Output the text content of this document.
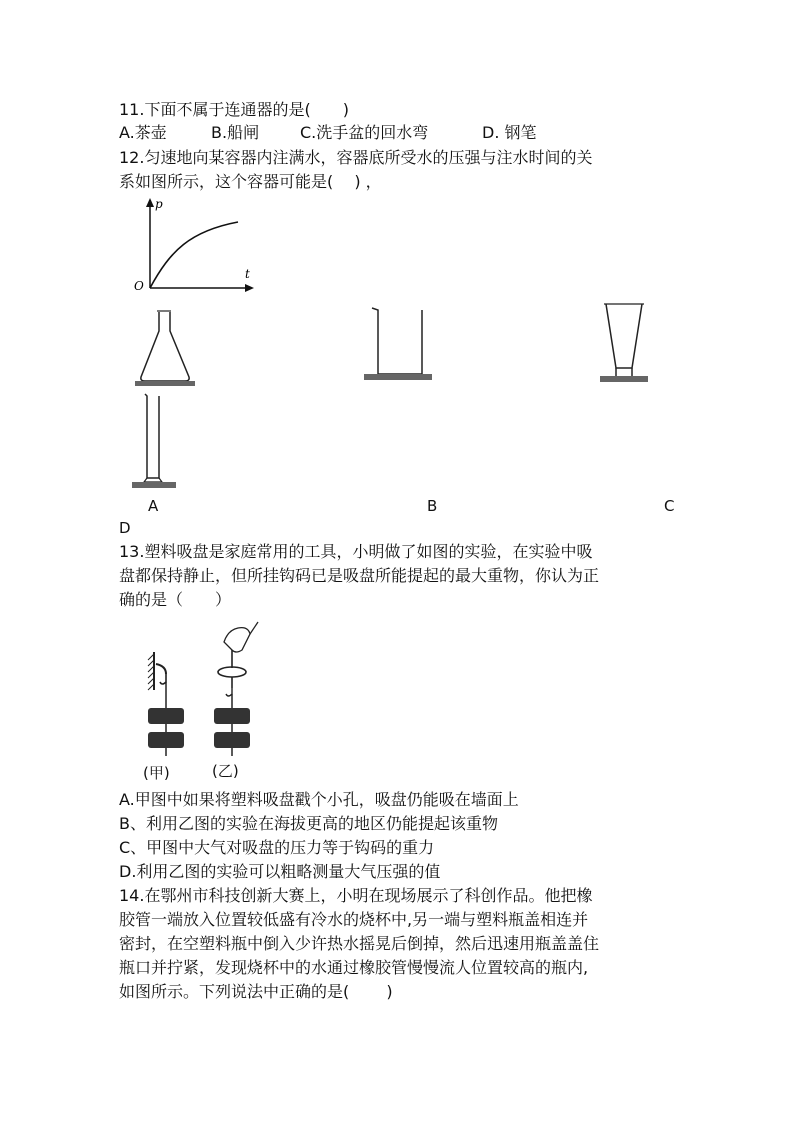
11.下面不属于连通器的是(　　)
A.茶壶	B.船闸	C.洗手盆的回水弯	D. 钢笔
12.匀速地向某容器内注满水，容器底所受水的压强与注水时间的关
系如图所示，这个容器可能是(　 ) ，
p
t
O
A	B	C
D
13.塑料吸盘是家庭常用的工具，小明做了如图的实验，在实验中吸
盘都保持静止，但所挂钩码已是吸盘所能提起的最大重物，你认为正
确的是（　　）
(甲)	(乙)
A.甲图中如果将塑料吸盘戳个小孔，吸盘仍能吸在墙面上
B、利用乙图的实验在海拔更高的地区仍能提起该重物
C、甲图中大气对吸盘的压力等于钩码的重力
D.利用乙图的实验可以粗略测量大气压强的值
14.在鄂州市科技创新大赛上，小明在现场展示了科创作品。他把橡
胶管一端放入位置较低盛有冷水的烧杯中,另一端与塑料瓶盖相连并
密封，在空塑料瓶中倒入少许热水摇晃后倒掉，然后迅速用瓶盖盖住
瓶口并拧紧，发现烧杯中的水通过橡胶管慢慢流人位置较高的瓶内,
如图所示。下列说法中正确的是(　　 )
